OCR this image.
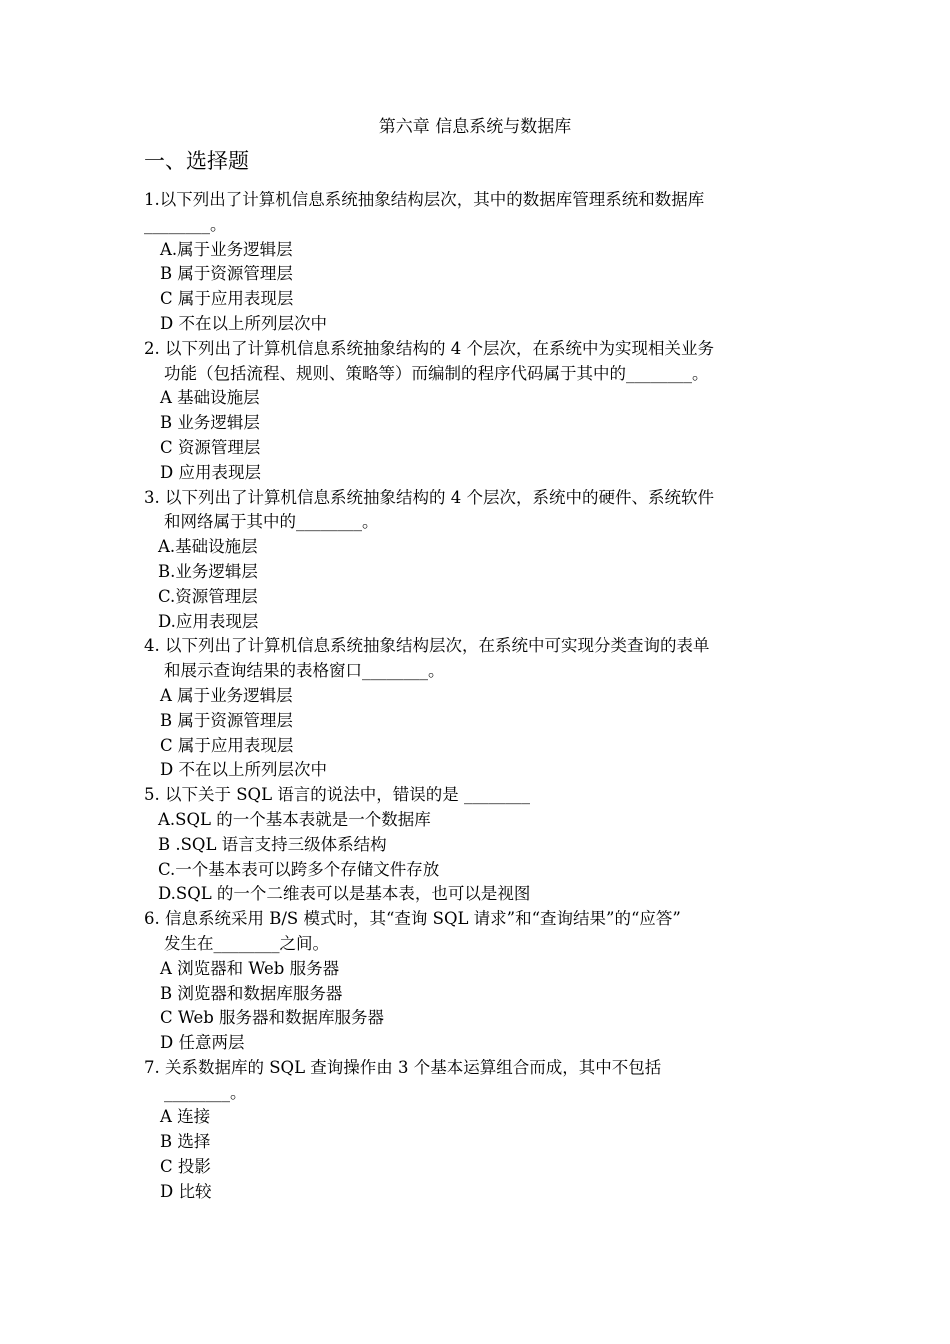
第六章 信息系统与数据库
一、选择题
1.以下列出了计算机信息系统抽象结构层次，其中的数据库管理系统和数据库
________。
A.属于业务逻辑层
B 属于资源管理层
C 属于应用表现层
D 不在以上所列层次中
2. 以下列出了计算机信息系统抽象结构的 4 个层次，在系统中为实现相关业务
功能（包括流程、规则、策略等）而编制的程序代码属于其中的________。
A 基础设施层
B 业务逻辑层
C 资源管理层
D 应用表现层
3. 以下列出了计算机信息系统抽象结构的 4 个层次，系统中的硬件、系统软件
和网络属于其中的________。
A.基础设施层
B.业务逻辑层
C.资源管理层
D.应用表现层
4. 以下列出了计算机信息系统抽象结构层次，在系统中可实现分类查询的表单
和展示查询结果的表格窗口________。
A 属于业务逻辑层
B 属于资源管理层
C 属于应用表现层
D 不在以上所列层次中
5. 以下关于 SQL 语言的说法中，错误的是 ________
A.SQL 的一个基本表就是一个数据库
B .SQL 语言支持三级体系结构
C.一个基本表可以跨多个存储文件存放
D.SQL 的一个二维表可以是基本表，也可以是视图
6. 信息系统采用 B/S 模式时，其“查询 SQL 请求”和“查询结果”的“应答”
发生在________之间。
A 浏览器和 Web 服务器
B 浏览器和数据库服务器
C Web 服务器和数据库服务器
D 任意两层
7. 关系数据库的 SQL 查询操作由 3 个基本运算组合而成，其中不包括
________。
A 连接
B 选择
C 投影
D 比较
